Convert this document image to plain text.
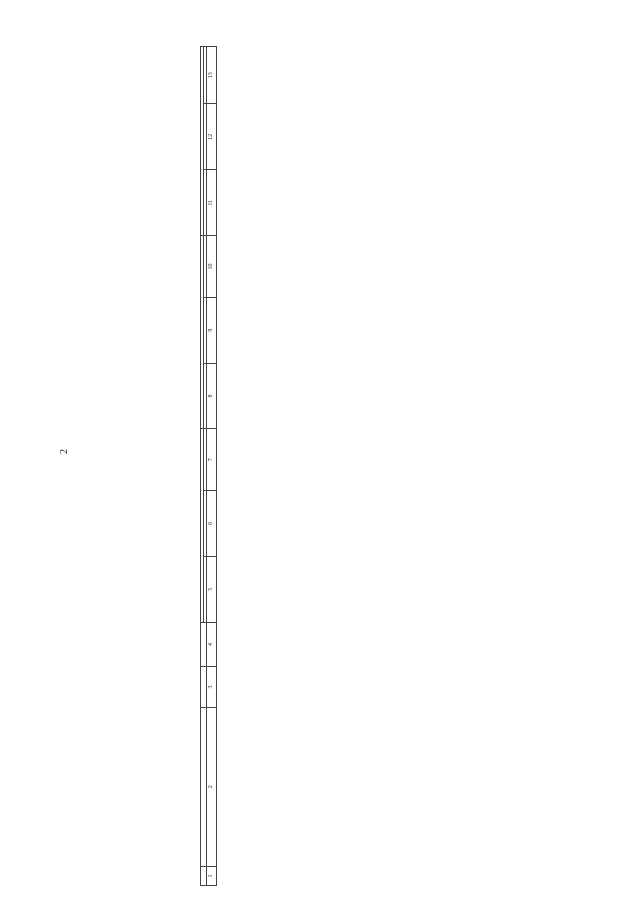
2

1	2	3	4	5	6	7	8	9	10	11	12	13
